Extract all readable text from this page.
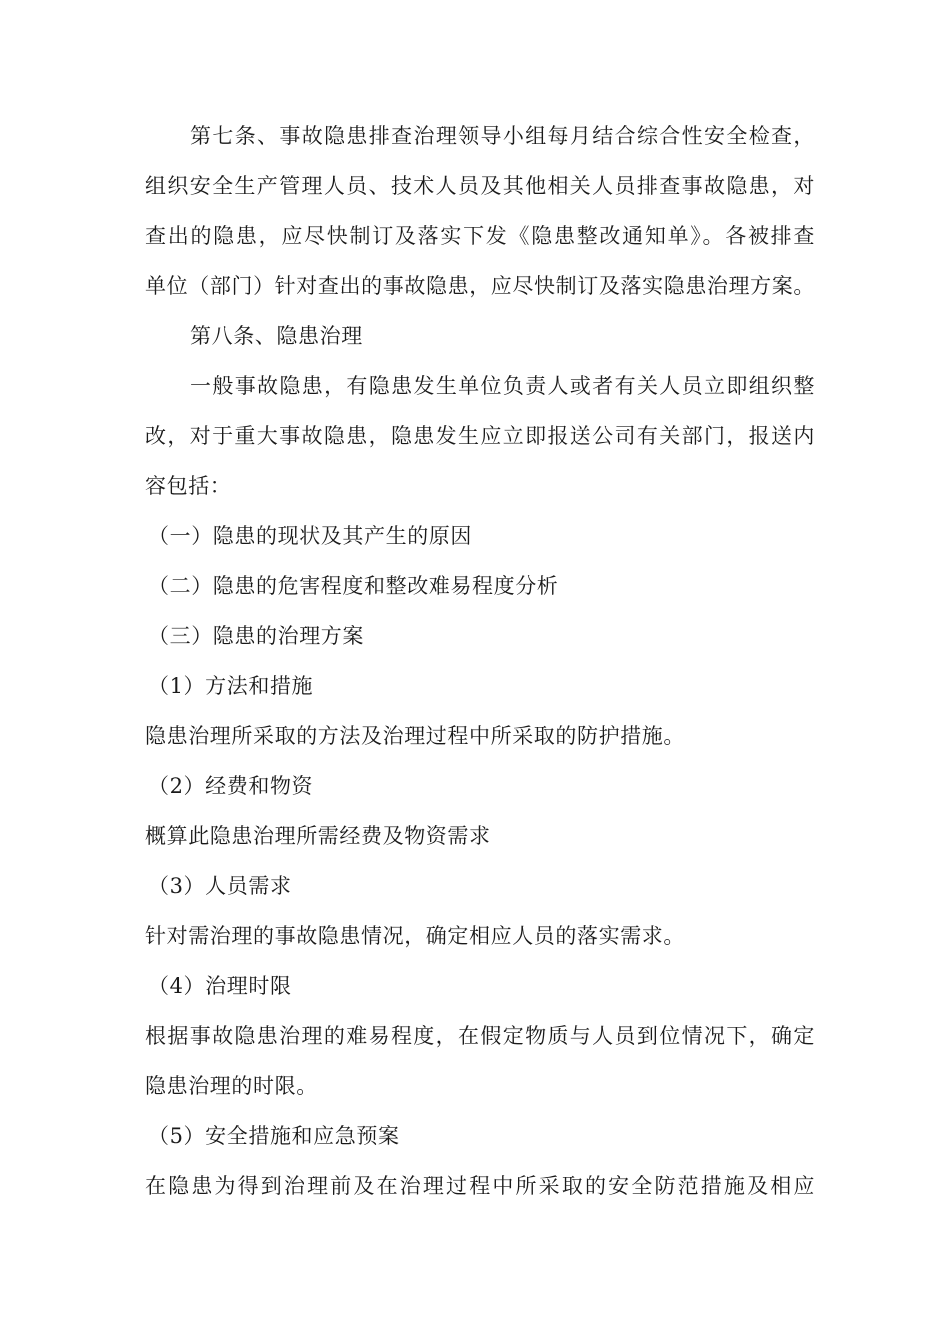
第七条、事故隐患排查治理领导小组每月结合综合性安全检查，
组织安全生产管理人员、技术人员及其他相关人员排查事故隐患，对
查出的隐患，应尽快制订及落实下发《隐患整改通知单》。各被排查
单位（部门）针对查出的事故隐患，应尽快制订及落实隐患治理方案。
第八条、隐患治理
一般事故隐患，有隐患发生单位负责人或者有关人员立即组织整
改，对于重大事故隐患，隐患发生应立即报送公司有关部门，报送内
容包括：
（一）隐患的现状及其产生的原因
（二）隐患的危害程度和整改难易程度分析
（三）隐患的治理方案
（1）方法和措施
隐患治理所采取的方法及治理过程中所采取的防护措施。
（2）经费和物资
概算此隐患治理所需经费及物资需求
（3）人员需求
针对需治理的事故隐患情况，确定相应人员的落实需求。
（4）治理时限
根据事故隐患治理的难易程度，在假定物质与人员到位情况下，确定
隐患治理的时限。
（5）安全措施和应急预案
在隐患为得到治理前及在治理过程中所采取的安全防范措施及相应
